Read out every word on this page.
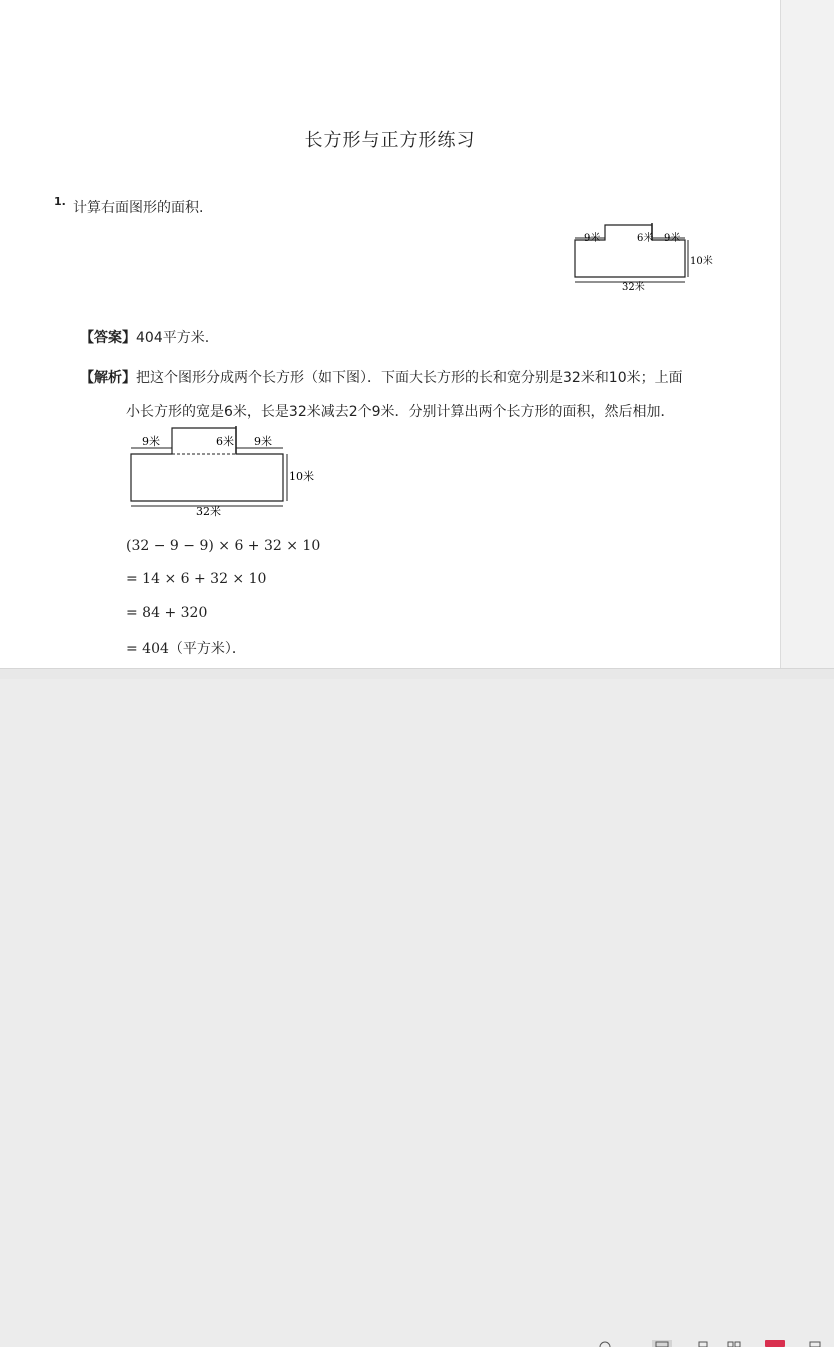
长方形与正方形练习
1. 计算右面图形的面积.
9米	6米 9米
10米
32米
【答案】404平方米.
【解析】把这个图形分成两个长方形（如下图）．下面大长方形的长和宽分别是32米和10米；上面
小长方形的宽是6米，长是32米减去2个9米．分别计算出两个长方形的面积，然后相加．
9米	6米 9米
10米
32米
(32 − 9 − 9) × 6 + 32 × 10
= 14 × 6 + 32 × 10
= 84 + 320
= 404（平方米）．
